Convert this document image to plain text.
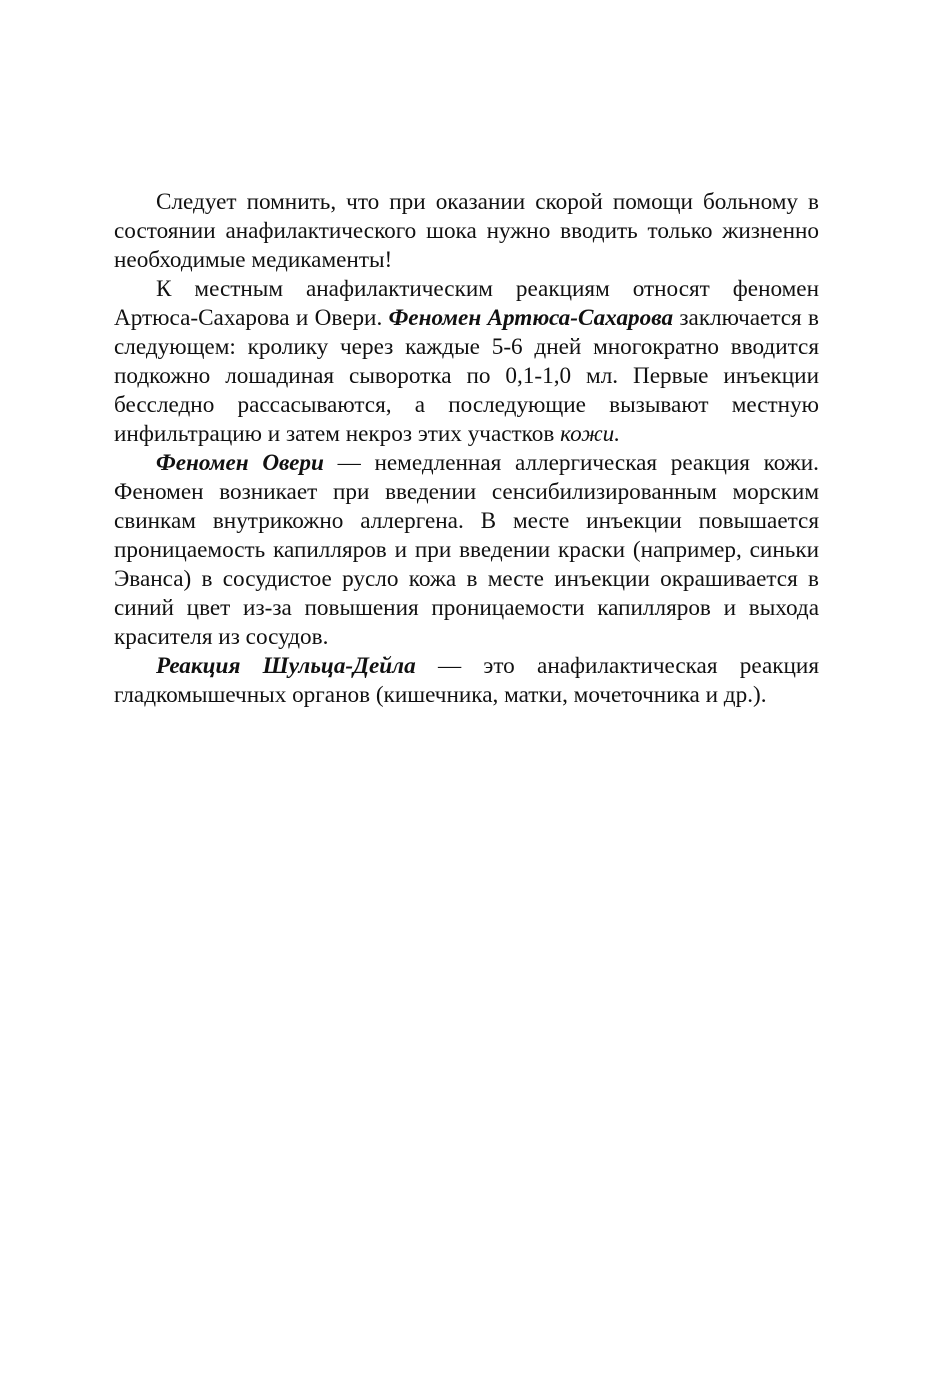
Следует помнить, что при оказании скорой помощи больному в состоянии анафилактического шока нужно вводить только жизненно необходимые медикаменты!

К местным анафилактическим реакциям относят феномен Артюса-Сахарова и Овери. Феномен Артюса-Сахарова заключается в следующем: кролику через каждые 5-6 дней многократно вводится подкожно лошадиная сыворотка по 0,1-1,0 мл. Первые инъекции бесследно рассасываются, а последующие вызывают местную инфильтрацию и затем некроз этих участков кожи.

Феномен Овери — немедленная аллергическая реакция кожи. Феномен возникает при введении сенсибилизированным морским свинкам внутрикожно аллергена. В месте инъекции повышается проницаемость капилляров и при введении краски (например, синьки Эванса) в сосудистое русло кожа в месте инъекции окрашивается в синий цвет из-за повышения проницаемости капилляров и выхода красителя из сосудов.

Реакция Шульца-Дейла — это анафилактическая реакция гладкомышечных органов (кишечника, матки, мочеточника и др.).
